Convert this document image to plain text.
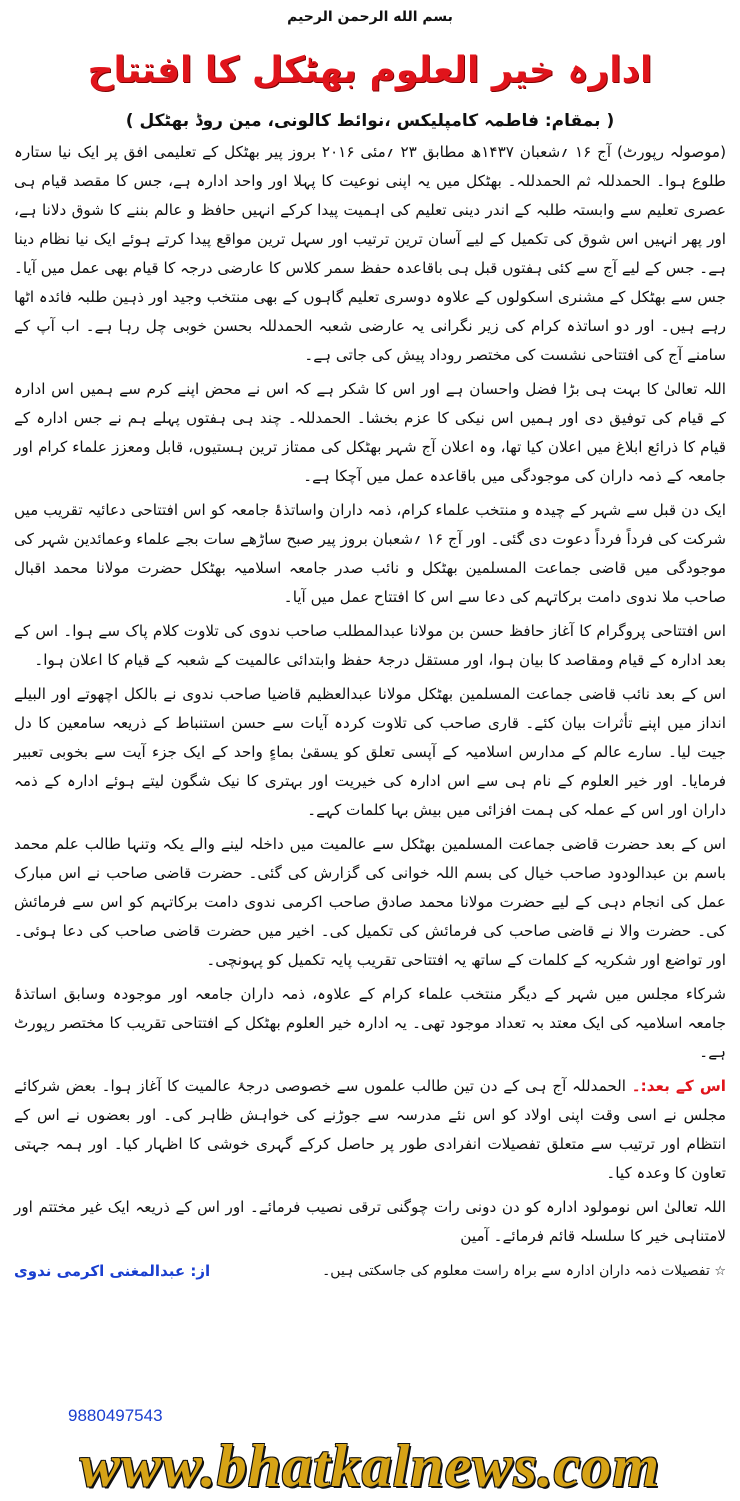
بسم الله الرحمن الرحیم
ادارہ خیر العلوم بھٹکل کا افتتاح
( بمقام: فاطمہ کامپلیکس ،نوائط کالونی، مین روڈ بھٹکل )

(موصولہ رپورٹ) آج ۱۶ ؍شعبان ۱۴۳۷ھ مطابق ۲۳ ؍مئی ۲۰۱۶ بروز پیر بھٹکل کے تعلیمی افق پر ایک نیا ستارہ طلوع ہوا۔ الحمدللہ ثم الحمدللہ۔ بھٹکل میں یہ اپنی نوعیت کا پہلا اور واحد ادارہ ہے، جس کا مقصد قیام ہی عصری تعلیم سے وابستہ طلبہ کے اندر دینی تعلیم کی اہمیت پیدا کرکے انہیں حافظ و عالم بننے کا شوق دلانا ہے، اور پھر انہیں اس شوق کی تکمیل کے لیے آسان ترین ترتیب اور سہل ترین مواقع پیدا کرتے ہوئے ایک نیا نظام دینا ہے۔ جس کے لیے آج سے کئی ہفتوں قبل ہی باقاعدہ حفظ سمر کلاس کا عارضی درجہ کا قیام بھی عمل میں آیا۔ جس سے بھٹکل کے مشنری اسکولوں کے علاوہ دوسری تعلیم گاہوں کے بھی منتخب وجید اور ذہین طلبہ فائدہ اٹھا رہے ہیں۔ اور دو اساتذہ کرام کی زیر نگرانی یہ عارضی شعبہ الحمدللہ بحسن خوبی چل رہا ہے۔ اب آپ کے سامنے آج کی افتتاحی نشست کی مختصر روداد پیش کی جاتی ہے۔

اللہ تعالیٰ کا بہت ہی بڑا فضل واحسان ہے اور اس کا شکر ہے کہ اس نے محض اپنے کرم سے ہمیں اس ادارہ کے قیام کی توفیق دی اور ہمیں اس نیکی کا عزم بخشا۔ الحمدللہ۔ چند ہی ہفتوں پہلے ہم نے جس ادارہ کے قیام کا ذرائع ابلاغ میں اعلان کیا تھا، وہ اعلان آج شہر بھٹکل کی ممتاز ترین ہستیوں، قابل ومعزز علماء کرام اور جامعہ کے ذمہ داران کی موجودگی میں باقاعدہ عمل میں آچکا ہے۔

ایک دن قبل سے شہر کے چیدہ و منتخب علماء کرام، ذمہ داران واساتذۂ جامعہ کو اس افتتاحی دعائیہ تقریب میں شرکت کی فرداً فرداً دعوت دی گئی۔ اور آج ۱۶ ؍شعبان بروز پیر صبح ساڑھے سات بجے علماء وعمائدین شہر کی موجودگی میں قاضی جماعت المسلمین بھٹکل و نائب صدر جامعہ اسلامیہ بھٹکل حضرت مولانا محمد اقبال صاحب ملا ندوی دامت برکاتہم کی دعا سے اس کا افتتاح عمل میں آیا۔

اس افتتاحی پروگرام کا آغاز حافظ حسن بن مولانا عبدالمطلب صاحب ندوی کی تلاوت کلام پاک سے ہوا۔ اس کے بعد ادارہ کے قیام ومقاصد کا بیان ہوا، اور مستقل درجۂ حفظ وابتدائی عالمیت کے شعبہ کے قیام کا اعلان ہوا۔

اس کے بعد نائب قاضی جماعت المسلمین بھٹکل مولانا عبدالعظیم قاضیا صاحب ندوی نے بالکل اچھوتے اور البیلے انداز میں اپنے تأثرات بیان کئے۔ قاری صاحب کی تلاوت کردہ آیات سے حسن استنباط کے ذریعہ سامعین کا دل جیت لیا۔ سارے عالم کے مدارس اسلامیہ کے آپسی تعلق کو یسقیٰ بماءٍ واحد کے ایک جزء آیت سے بخوبی تعبیر فرمایا۔ اور خیر العلوم کے نام ہی سے اس ادارہ کی خیریت اور بہتری کا نیک شگون لیتے ہوئے ادارہ کے ذمہ داران اور اس کے عملہ کی ہمت افزائی میں بیش بہا کلمات کہے۔

اس کے بعد حضرت قاضی جماعت المسلمین بھٹکل سے عالمیت میں داخلہ لینے والے یکہ وتنہا طالب علم محمد باسم بن عبدالودود صاحب خیال کی بسم اللہ خوانی کی گزارش کی گئی۔ حضرت قاضی صاحب نے اس مبارک عمل کی انجام دہی کے لیے حضرت مولانا محمد صادق صاحب اکرمی ندوی دامت برکاتہم کو اس سے فرمائش کی۔ حضرت والا نے قاضی صاحب کی فرمائش کی تکمیل کی۔ اخیر میں حضرت قاضی صاحب کی دعا ہوئی۔ اور تواضع اور شکریہ کے کلمات کے ساتھ یہ افتتاحی تقریب پایہ تکمیل کو پہونچی۔

شرکاء مجلس میں شہر کے دیگر منتخب علماء کرام کے علاوہ، ذمہ داران جامعہ اور موجودہ وسابق اساتذۂ جامعہ اسلامیہ کی ایک معتد بہ تعداد موجود تھی۔ یہ ادارہ خیر العلوم بھٹکل کے افتتاحی تقریب کا مختصر رپورٹ ہے۔

اس کے بعد:۔ الحمدللہ آج ہی کے دن تین طالب علموں سے خصوصی درجۂ عالمیت کا آغاز ہوا۔ بعض شرکائے مجلس نے اسی وقت اپنی اولاد کو اس نئے مدرسہ سے جوڑنے کی خواہش ظاہر کی۔ اور بعضوں نے اس کے انتظام اور ترتیب سے متعلق تفصیلات انفرادی طور پر حاصل کرکے گہری خوشی کا اظہار کیا۔ اور ہمہ جہتی تعاون کا وعدہ کیا۔

اللہ تعالیٰ اس نومولود ادارہ کو دن دونی رات چوگنی ترقی نصیب فرمائے۔ اور اس کے ذریعہ ایک غیر مختتم اور لامتناہی خیر کا سلسلہ قائم فرمائے۔ آمین

☆ تفصیلات ذمہ داران ادارہ سے براہ راست معلوم کی جاسکتی ہیں۔
از: عبدالمغنی اکرمی ندوی
9880497543
www.bhatkalnews.com
